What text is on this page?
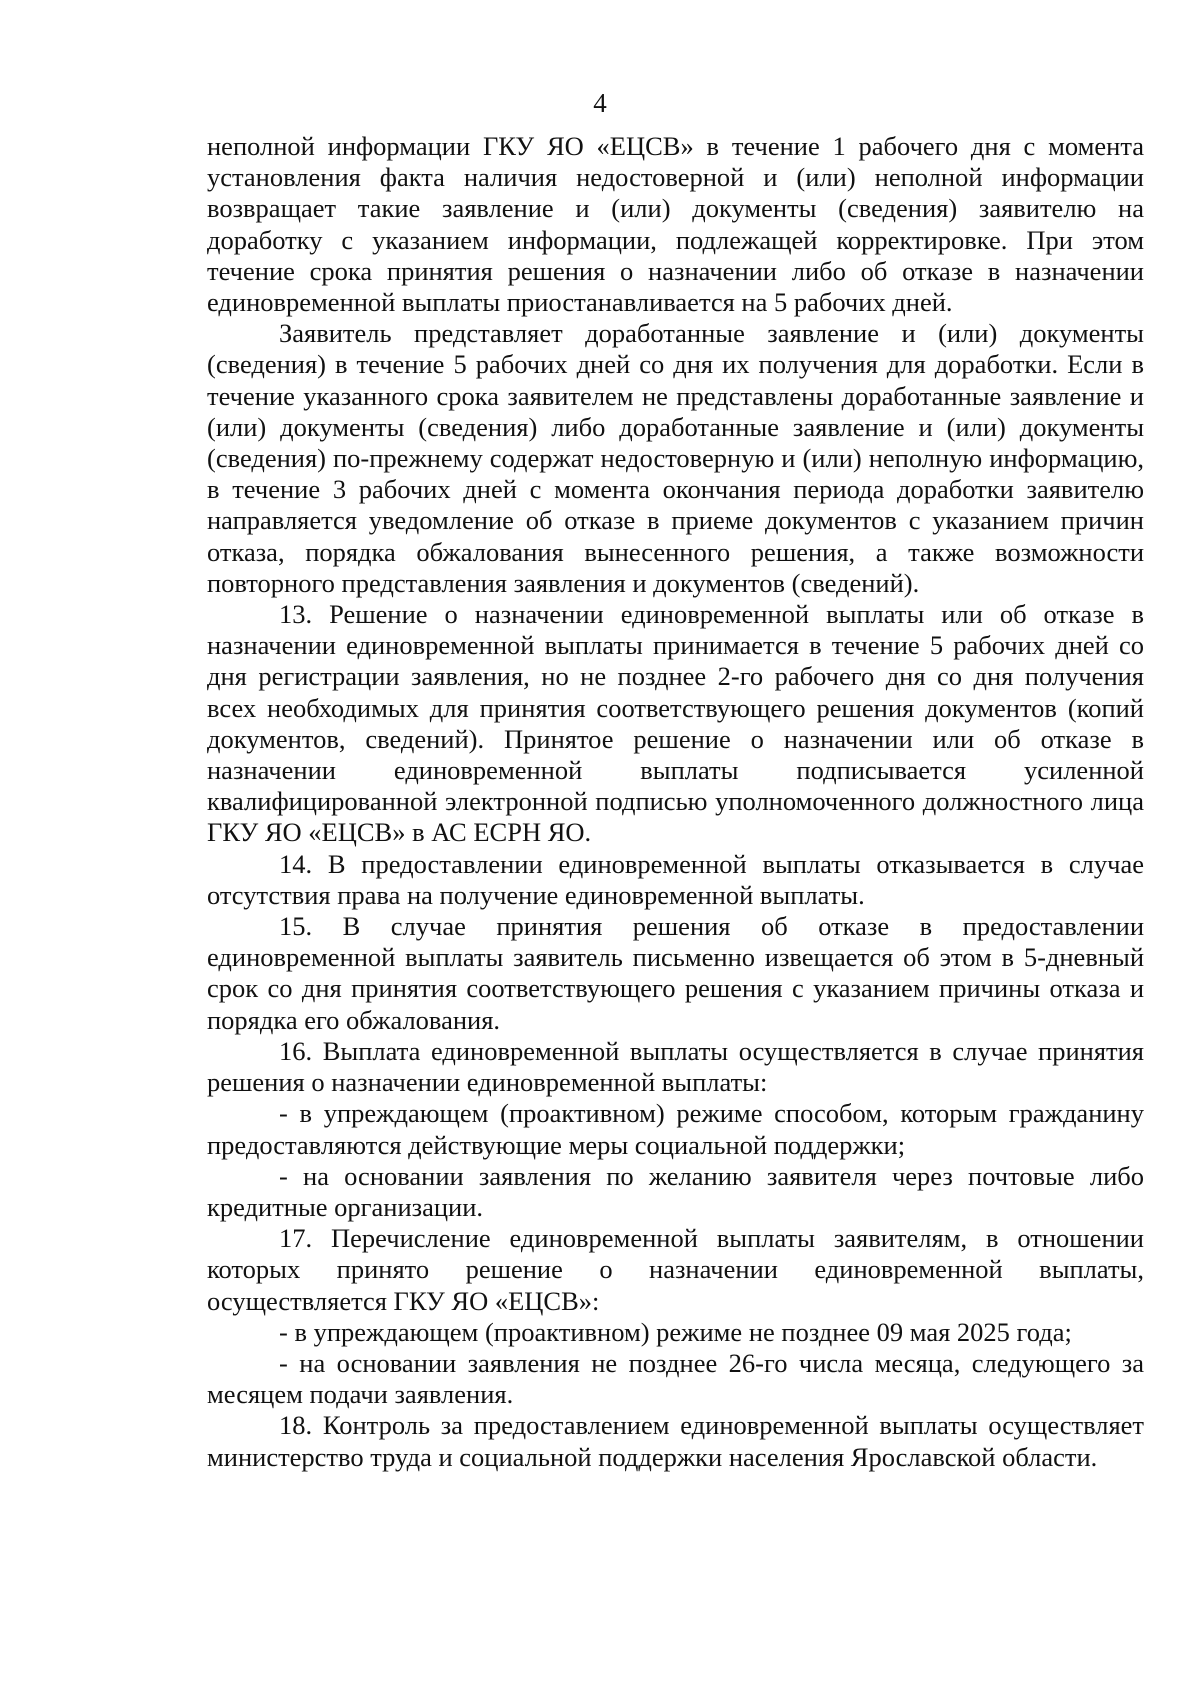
4

неполной информации ГКУ ЯО «ЕЦСВ» в течение 1 рабочего дня с момента установления факта наличия недостоверной и (или) неполной информации возвращает такие заявление и (или) документы (сведения) заявителю на доработку с указанием информации, подлежащей корректировке. При этом течение срока принятия решения о назначении либо об отказе в назначении единовременной выплаты приостанавливается на 5 рабочих дней.

Заявитель представляет доработанные заявление и (или) документы (сведения) в течение 5 рабочих дней со дня их получения для доработки. Если в течение указанного срока заявителем не представлены доработанные заявление и (или) документы (сведения) либо доработанные заявление и (или) документы (сведения) по-прежнему содержат недостоверную и (или) неполную информацию, в течение 3 рабочих дней с момента окончания периода доработки заявителю направляется уведомление об отказе в приеме документов с указанием причин отказа, порядка обжалования вынесенного решения, а также возможности повторного представления заявления и документов (сведений).

13. Решение о назначении единовременной выплаты или об отказе в назначении единовременной выплаты принимается в течение 5 рабочих дней со дня регистрации заявления, но не позднее 2-го рабочего дня со дня получения всех необходимых для принятия соответствующего решения документов (копий документов, сведений). Принятое решение о назначении или об отказе в назначении единовременной выплаты подписывается усиленной квалифицированной электронной подписью уполномоченного должностного лица ГКУ ЯО «ЕЦСВ» в АС ЕСРН ЯО.

14. В предоставлении единовременной выплаты отказывается в случае отсутствия права на получение единовременной выплаты.

15. В случае принятия решения об отказе в предоставлении единовременной выплаты заявитель письменно извещается об этом в 5-дневный срок со дня принятия соответствующего решения с указанием причины отказа и порядка его обжалования.

16. Выплата единовременной выплаты осуществляется в случае принятия решения о назначении единовременной выплаты:

- в упреждающем (проактивном) режиме способом, которым гражданину предоставляются действующие меры социальной поддержки;

- на основании заявления по желанию заявителя через почтовые либо кредитные организации.

17. Перечисление единовременной выплаты заявителям, в отношении которых принято решение о назначении единовременной выплаты, осуществляется ГКУ ЯО «ЕЦСВ»:

- в упреждающем (проактивном) режиме не позднее 09 мая 2025 года;

- на основании заявления не позднее 26-го числа месяца, следующего за месяцем подачи заявления.

18. Контроль за предоставлением единовременной выплаты осуществляет министерство труда и социальной поддержки населения Ярославской области.
